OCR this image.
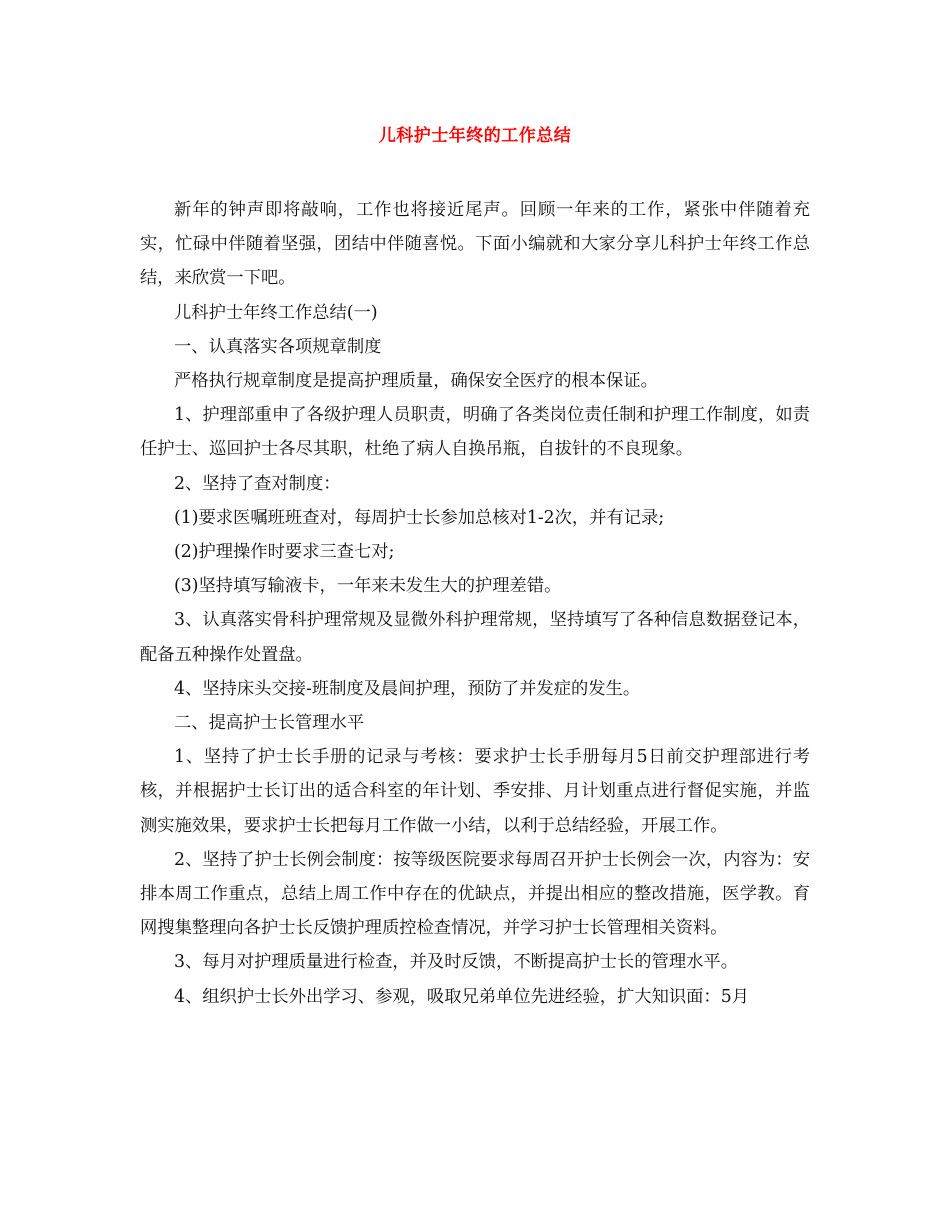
儿科护士年终的工作总结

新年的钟声即将敲响，工作也将接近尾声。回顾一年来的工作，紧张中伴随着充实，忙碌中伴随着坚强，团结中伴随喜悦。下面小编就和大家分享儿科护士年终工作总结，来欣赏一下吧。

儿科护士年终工作总结(一)

一、认真落实各项规章制度

严格执行规章制度是提高护理质量，确保安全医疗的根本保证。

1、护理部重申了各级护理人员职责，明确了各类岗位责任制和护理工作制度，如责任护士、巡回护士各尽其职，杜绝了病人自换吊瓶，自拔针的不良现象。

2、坚持了查对制度：

(1)要求医嘱班班查对，每周护士长参加总核对1-2次，并有记录;

(2)护理操作时要求三查七对;

(3)坚持填写输液卡，一年来未发生大的护理差错。

3、认真落实骨科护理常规及显微外科护理常规，坚持填写了各种信息数据登记本，配备五种操作处置盘。

4、坚持床头交接-班制度及晨间护理，预防了并发症的发生。

二、提高护士长管理水平

1、坚持了护士长手册的记录与考核：要求护士长手册每月5日前交护理部进行考核，并根据护士长订出的适合科室的年计划、季安排、月计划重点进行督促实施，并监测实施效果，要求护士长把每月工作做一小结，以利于总结经验，开展工作。

2、坚持了护士长例会制度：按等级医院要求每周召开护士长例会一次，内容为：安排本周工作重点，总结上周工作中存在的优缺点，并提出相应的整改措施，医学教。育网搜集整理向各护士长反馈护理质控检查情况，并学习护士长管理相关资料。

3、每月对护理质量进行检查，并及时反馈，不断提高护士长的管理水平。

4、组织护士长外出学习、参观，吸取兄弟单位先进经验，扩大知识面：5月
